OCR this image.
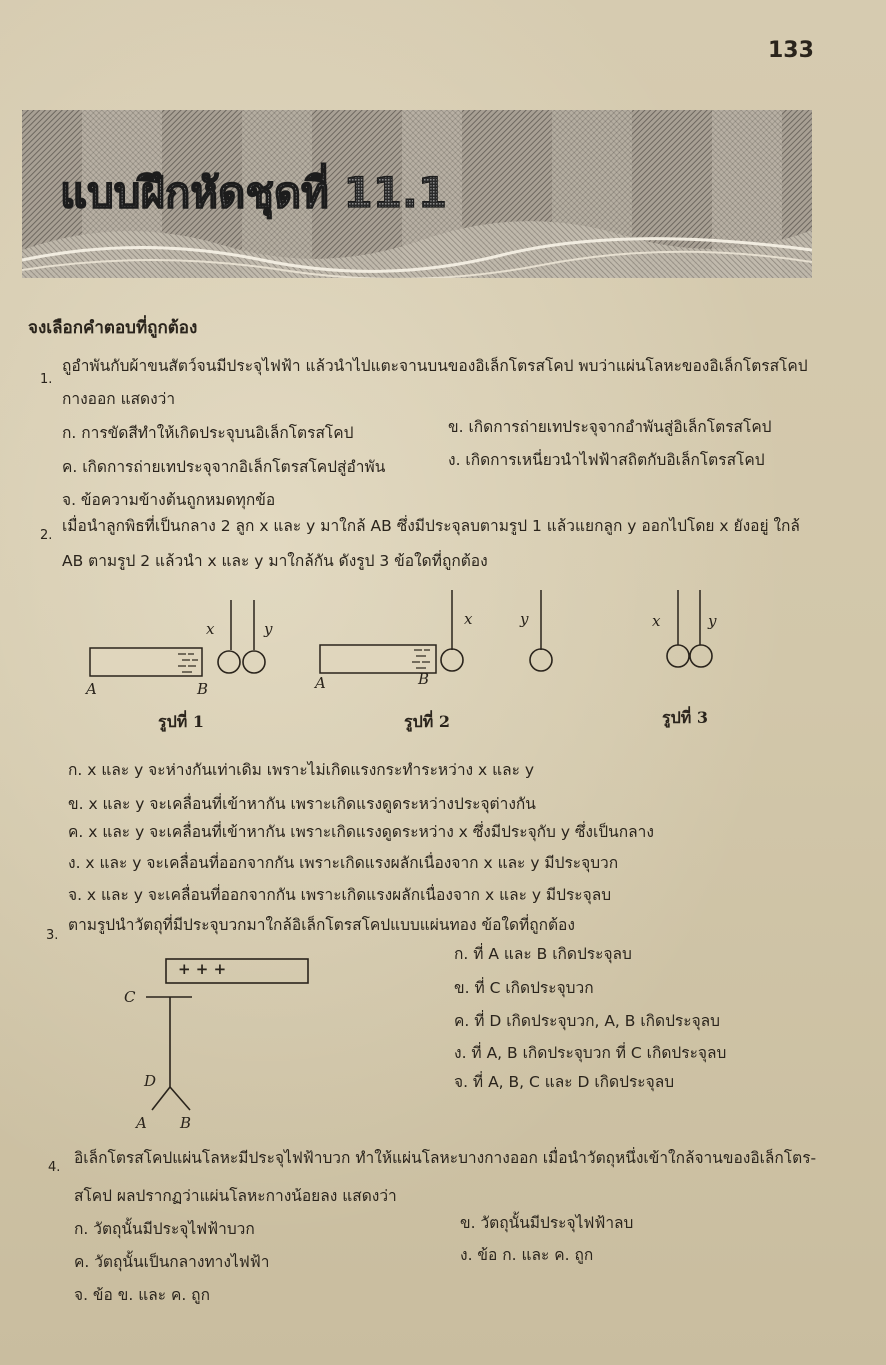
133
แบบฝึกหัดชุดที่ 11.1
จงเลือกคำตอบที่ถูกต้อง
1.
ถูอำพันกับผ้าขนสัตว์จนมีประจุไฟฟ้า แล้วนำไปแตะจานบนของอิเล็กโตรสโคป พบว่าแผ่นโลหะของอิเล็กโตรสโคป
กางออก แสดงว่า
ก. การขัดสีทำให้เกิดประจุบนอิเล็กโตรสโคป	ข. เกิดการถ่ายเทประจุจากอำพันสู่อิเล็กโตรสโคป
ค. เกิดการถ่ายเทประจุจากอิเล็กโตรสโคปสู่อำพัน	ง. เกิดการเหนี่ยวนำไฟฟ้าสถิตกับอิเล็กโตรสโคป
จ. ข้อความข้างต้นถูกหมดทุกข้อ
2.
เมื่อนำลูกพิธที่เป็นกลาง 2 ลูก x และ y มาใกล้ AB ซึ่งมีประจุลบตามรูป 1 แล้วแยกลูก y ออกไปโดย x ยังอยู่ ใกล้
AB ตามรูป 2 แล้วนำ x และ y มาใกล้กัน ดังรูป 3 ข้อใดที่ถูกต้อง
x	y
A	B
รูปที่ 1
x	y
A	B
รูปที่ 2
x	y
รูปที่ 3
ก. x และ y จะห่างกันเท่าเดิม เพราะไม่เกิดแรงกระทำระหว่าง x และ y
ข. x และ y จะเคลื่อนที่เข้าหากัน เพราะเกิดแรงดูดระหว่างประจุต่างกัน
ค. x และ y จะเคลื่อนที่เข้าหากัน เพราะเกิดแรงดูดระหว่าง x ซึ่งมีประจุกับ y ซึ่งเป็นกลาง
ง. x และ y จะเคลื่อนที่ออกจากกัน เพราะเกิดแรงผลักเนื่องจาก x และ y มีประจุบวก
จ. x และ y จะเคลื่อนที่ออกจากกัน เพราะเกิดแรงผลักเนื่องจาก x และ y มีประจุลบ
3.
ตามรูปนำวัตถุที่มีประจุบวกมาใกล้อิเล็กโตรสโคปแบบแผ่นทอง ข้อใดที่ถูกต้อง
+ + +
C
D
A B
ก. ที่ A และ B เกิดประจุลบ
ข. ที่ C เกิดประจุบวก
ค. ที่ D เกิดประจุบวก, A, B เกิดประจุลบ
ง. ที่ A, B เกิดประจุบวก ที่ C เกิดประจุลบ
จ. ที่ A, B, C และ D เกิดประจุลบ
4.
อิเล็กโตรสโคปแผ่นโลหะมีประจุไฟฟ้าบวก ทำให้แผ่นโลหะบางกางออก เมื่อนำวัตถุหนึ่งเข้าใกล้จานของอิเล็กโตร-
สโคป ผลปรากฏว่าแผ่นโลหะกางน้อยลง แสดงว่า
ก. วัตถุนั้นมีประจุไฟฟ้าบวก	ข. วัตถุนั้นมีประจุไฟฟ้าลบ
ค. วัตถุนั้นเป็นกลางทางไฟฟ้า	ง. ข้อ ก. และ ค. ถูก
จ. ข้อ ข. และ ค. ถูก
